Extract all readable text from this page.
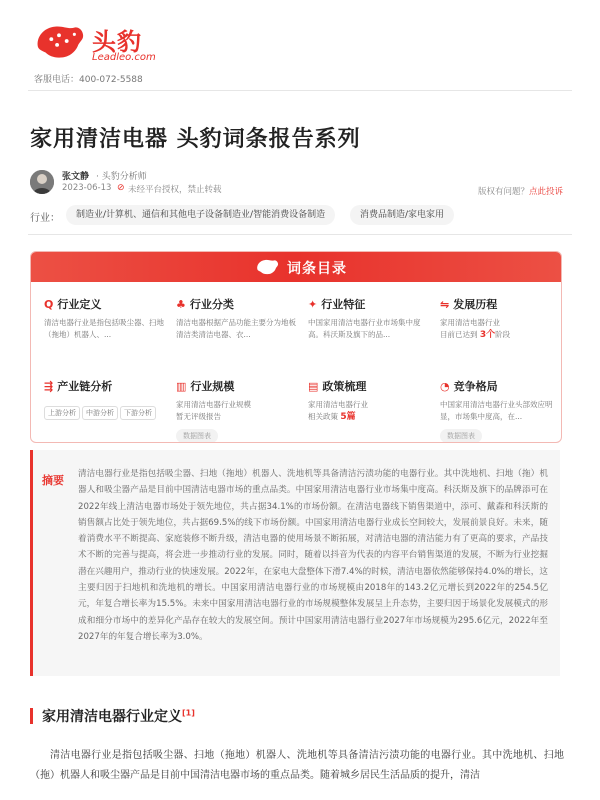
头豹
Leadleo.com
客服电话：400-072-5588
家用清洁电器 头豹词条报告系列
张文静 · 头豹分析师
2023-06-13 ⊘ 未经平台授权，禁止转载	版权有问题？点此投诉
行业：	制造业/计算机、通信和其他电子设备制造业/智能消费设备制造	消费品制造/家电家用
词条目录
Q 行业定义
清洁电器行业是指包括吸尘器、扫地（拖地）机器人、...
♣ 行业分类
清洁电器根据产品功能主要分为地板清洁类清洁电器、衣...
✦ 行业特征
中国家用清洁电器行业市场集中度高。科沃斯及旗下的品...
⇋ 发展历程
家用清洁电器行业
目前已达到 3个阶段
⇶ 产业链分析
上游分析 中游分析 下游分析
▥ 行业规模
家用清洁电器行业规模暂无评级报告
数据图表
▤ 政策梳理
家用清洁电器行业
相关政策 5篇
◔ 竞争格局
中国家用清洁电器行业头部效应明显，市场集中度高，在...
数据图表
摘要 清洁电器行业是指包括吸尘器、扫地（拖地）机器人、洗地机等具备清洁污渍功能的电器行业。其中洗地机、扫地（拖）机器人和吸尘器产品是目前中国清洁电器市场的重点品类。中国家用清洁电器行业市场集中度高。科沃斯及旗下的品牌添可在2022年线上清洁电器市场处于领先地位，共占据34.1%的市场份额。在清洁电器线下销售渠道中，添可、戴森和科沃斯的销售额占比处于领先地位，共占据69.5%的线下市场份额。中国家用清洁电器行业成长空间较大，发展前景良好。未来，随着消费水平不断提高、家庭装修不断升级，清洁电器的使用场景不断拓展，对清洁电器的清洁能力有了更高的要求，产品技术不断的完善与提高，将会进一步推动行业的发展。同时，随着以抖音为代表的内容平台销售渠道的发展，不断为行业挖掘潜在兴趣用户，推动行业的快速发展。2022年，在家电大盘整体下滑7.4%的时候，清洁电器依然能够保持4.0%的增长，这主要归因于扫地机和洗地机的增长。中国家用清洁电器行业的市场规模由2018年的143.2亿元增长到2022年的254.5亿元，年复合增长率为15.5%。未来中国家用清洁电器行业的市场规模整体发展呈上升态势，主要归因于场景化发展模式的形成和细分市场中的差异化产品存在较大的发展空间。预计中国家用清洁电器行业2027年市场规模为295.6亿元，2022年至2027年的年复合增长率为3.0%。
家用清洁电器行业定义[1]
清洁电器行业是指包括吸尘器、扫地（拖地）机器人、洗地机等具备清洁污渍功能的电器行业。其中洗地机、扫地（拖）机器人和吸尘器产品是目前中国清洁电器市场的重点品类。随着城乡居民生活品质的提升，清洁
